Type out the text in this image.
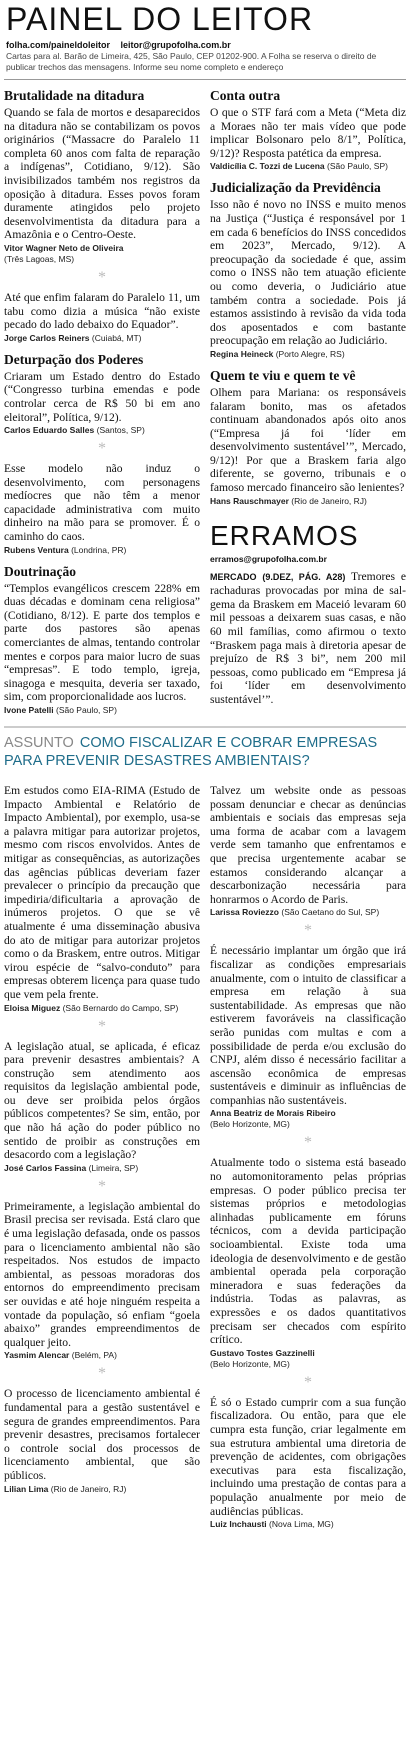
PAINEL DO LEITOR
folha.com/paineldoleitor leitor@grupofolha.com.br
Cartas para al. Barão de Limeira, 425, São Paulo, CEP 01202-900. A Folha se reserva o direito de publicar trechos das mensagens. Informe seu nome completo e endereço
Brutalidade na ditadura

Quando se fala de mortos e desaparecidos na ditadura não se contabilizam os povos originários (“Massacre do Paralelo 11 completa 60 anos com falta de reparação a indígenas”, Cotidiano, 9/12). São invisibilizados também nos registros da oposição à ditadura. Esses povos foram duramente atingidos pelo projeto desenvolvimentista da ditadura para a Amazônia e o Centro-Oeste.

Vitor Wagner Neto de Oliveira
(Três Lagoas, MS)
*

Até que enfim falaram do Paralelo 11, um tabu como dizia a música “não existe pecado do lado debaixo do Equador”.

Jorge Carlos Reiners (Cuiabá, MT)
Deturpação dos Poderes

Criaram um Estado dentro do Estado (“Congresso turbina emendas e pode controlar cerca de R$ 50 bi em ano eleitoral”, Política, 9/12).

Carlos Eduardo Salles (Santos, SP)
*

Esse modelo não induz o desenvolvimento, com personagens medíocres que não têm a menor capacidade administrativa com muito dinheiro na mão para se promover. É o caminho do caos.

Rubens Ventura (Londrina, PR)
Doutrinação

“Templos evangélicos crescem 228% em duas décadas e dominam cena religiosa” (Cotidiano, 8/12). E parte dos templos e parte dos pastores são apenas comerciantes de almas, tentando controlar mentes e corpos para maior lucro de suas “empresas”. E todo templo, igreja, sinagoga e mesquita, deveria ser taxado, sim, com proporcionalidade aos lucros.

Ivone Patelli (São Paulo, SP)
Conta outra

O que o STF fará com a Meta (“Meta diz a Moraes não ter mais vídeo que pode implicar Bolsonaro pelo 8/1”, Política, 9/12)? Resposta patética da empresa.

Valdicília C. Tozzi de Lucena (São Paulo, SP)
Judicialização da Previdência

Isso não é novo no INSS e muito menos na Justiça (“Justiça é responsável por 1 em cada 6 benefícios do INSS concedidos em 2023”, Mercado, 9/12). A preocupação da sociedade é que, assim como o INSS não tem atuação eficiente ou como deveria, o Judiciário atue também contra a sociedade. Pois já estamos assistindo à revisão da vida toda dos aposentados e com bastante preocupação em relação ao Judiciário.

Regina Heineck (Porto Alegre, RS)
Quem te viu e quem te vê

Olhem para Mariana: os responsáveis falaram bonito, mas os afetados continuam abandonados após oito anos (“Empresa já foi ‘líder em desenvolvimento sustentável’”, Mercado, 9/12)! Por que a Braskem faria algo diferente, se governo, tribunais e o famoso mercado financeiro são lenientes?

Hans Rauschmayer (Rio de Janeiro, RJ)
ERRAMOS
erramos@grupofolha.com.br

MERCADO (9.DEZ, PÁG. A28) Tremores e rachaduras provocadas por mina de sal-gema da Braskem em Maceió levaram 60 mil pessoas a deixarem suas casas, e não 60 mil famílias, como afirmou o texto “Braskem paga mais à diretoria apesar de prejuízo de R$ 3 bi”, nem 200 mil pessoas, como publicado em “Empresa já foi ‘líder em desenvolvimento sustentável’”.

ASSUNTO COMO FISCALIZAR E COBRAR EMPRESAS PARA PREVENIR DESASTRES AMBIENTAIS?

Em estudos como EIA-RIMA (Estudo de Impacto Ambiental e Relatório de Impacto Ambiental), por exemplo, usa-se a palavra mitigar para autorizar projetos, mesmo com riscos envolvidos. Antes de mitigar as consequências, as autorizações das agências públicas deveriam fazer prevalecer o princípio da precaução que impediria/dificultaria a aprovação de inúmeros projetos. O que se vê atualmente é uma disseminação abusiva do ato de mitigar para autorizar projetos como o da Braskem, entre outros. Mitigar virou espécie de “salvo-conduto” para empresas obterem licença para quase tudo que vem pela frente.

Eloisa Miguez (São Bernardo do Campo, SP)
*

A legislação atual, se aplicada, é eficaz para prevenir desastres ambientais? A construção sem atendimento aos requisitos da legislação ambiental pode, ou deve ser proibida pelos órgãos públicos competentes? Se sim, então, por que não há ação do poder público no sentido de proibir as construções em desacordo com a legislação?

José Carlos Fassina (Limeira, SP)
*

Primeiramente, a legislação ambiental do Brasil precisa ser revisada. Está claro que é uma legislação defasada, onde os passos para o licenciamento ambiental não são respeitados. Nos estudos de impacto ambiental, as pessoas moradoras dos entornos do empreendimento precisam ser ouvidas e até hoje ninguém respeita a vontade da população, só enfiam “goela abaixo” grandes empreendimentos de qualquer jeito.

Yasmim Alencar (Belém, PA)
*

O processo de licenciamento ambiental é fundamental para a gestão sustentável e segura de grandes empreendimentos. Para prevenir desastres, precisamos fortalecer o controle social dos processos de licenciamento ambiental, que são públicos.

Lilian Lima (Rio de Janeiro, RJ)

Talvez um website onde as pessoas possam denunciar e checar as denúncias ambientais e sociais das empresas seja uma forma de acabar com a lavagem verde sem tamanho que enfrentamos e que precisa urgentemente acabar se estamos considerando alcançar a descarbonização necessária para honrarmos o Acordo de Paris.

Larissa Roviezzo (São Caetano do Sul, SP)
*

É necessário implantar um órgão que irá fiscalizar as condições empresariais anualmente, com o intuito de classificar a empresa em relação à sua sustentabilidade. As empresas que não estiverem favoráveis na classificação serão punidas com multas e com a possibilidade de perda e/ou exclusão do CNPJ, além disso é necessário facilitar a ascensão econômica de empresas sustentáveis e diminuir as influências de companhias não sustentáveis.

Anna Beatriz de Morais Ribeiro
(Belo Horizonte, MG)
*

Atualmente todo o sistema está baseado no automonitoramento pelas próprias empresas. O poder público precisa ter sistemas próprios e metodologias alinhadas publicamente em fóruns técnicos, com a devida participação socioambiental. Existe toda uma ideologia de desenvolvimento e de gestão ambiental operada pela corporação mineradora e suas federações da indústria. Todas as palavras, as expressões e os dados quantitativos precisam ser checados com espírito crítico.

Gustavo Tostes Gazzinelli
(Belo Horizonte, MG)
*

É só o Estado cumprir com a sua função fiscalizadora. Ou então, para que ele cumpra esta função, criar legalmente em sua estrutura ambiental uma diretoria de prevenção de acidentes, com obrigações executivas para esta fiscalização, incluindo uma prestação de contas para a população anualmente por meio de audiências públicas.

Luiz Inchausti (Nova Lima, MG)
